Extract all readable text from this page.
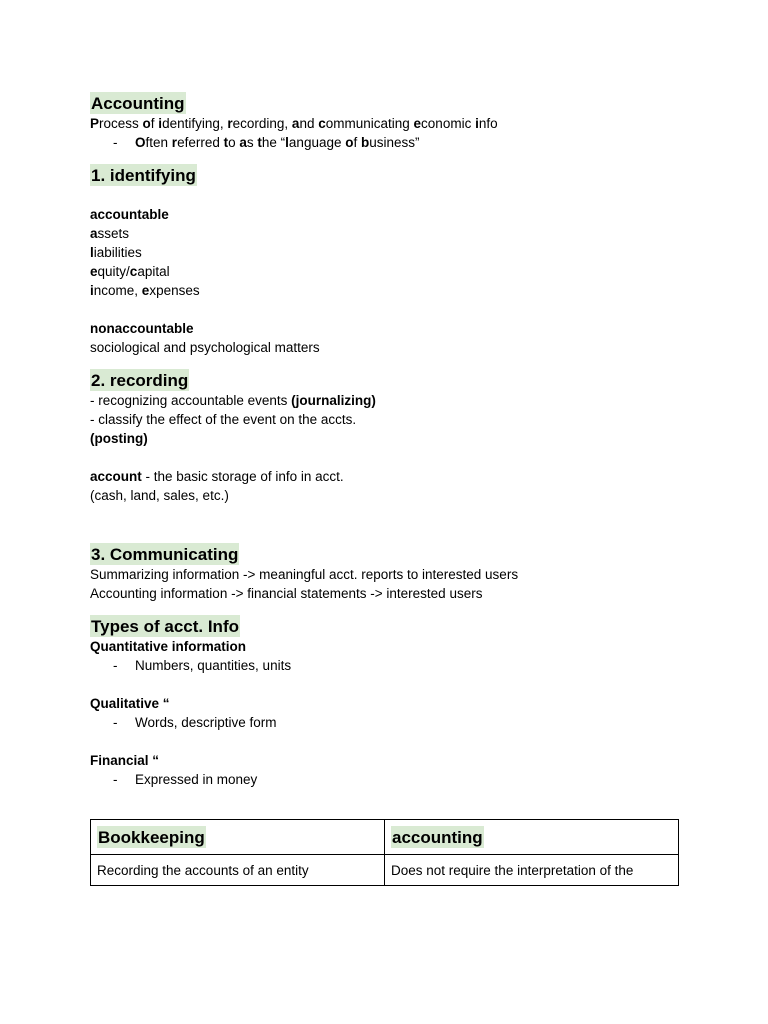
Accounting
Process of identifying, recording, and communicating economic info
-	Often referred to as the “language of business”
1. identifying
accountable
assets
liabilities
equity/capital
income, expenses
nonaccountable
sociological and psychological matters
2. recording
- recognizing accountable events (journalizing)
- classify the effect of the event on the accts.
(posting)
account - the basic storage of info in acct.
(cash, land, sales, etc.)
3. Communicating
Summarizing information -> meaningful acct. reports to interested users
Accounting information -> financial statements -> interested users
Types of acct. Info
Quantitative information
-	Numbers, quantities, units
Qualitative “
-	Words, descriptive form
Financial “
-	Expressed in money
Bookkeeping	accounting
Recording the accounts of an entity	Does not require the interpretation of the
